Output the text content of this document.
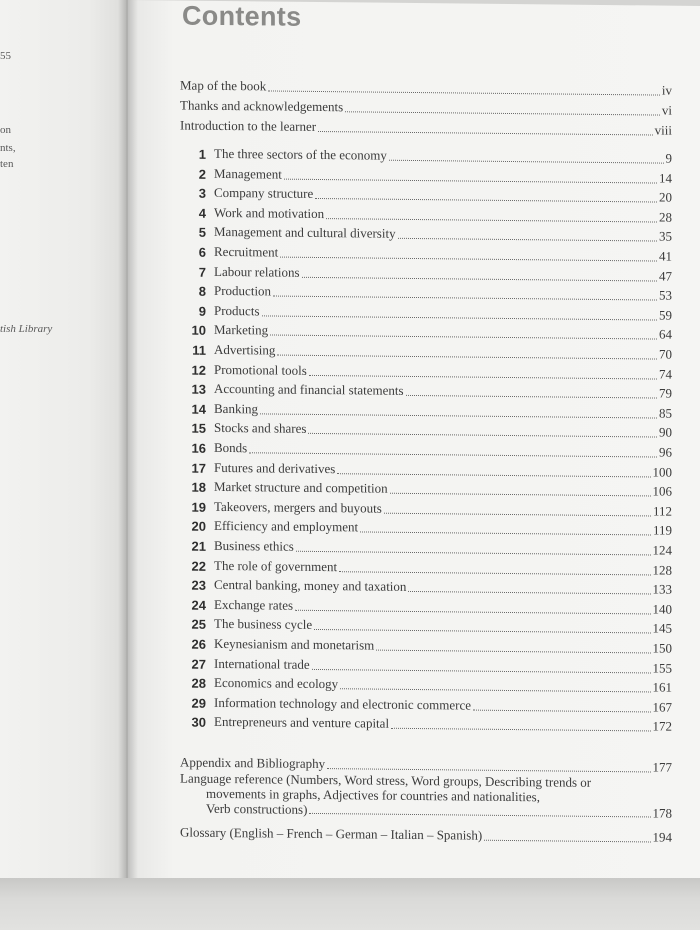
55
on
nts,
ten
tish Library
Contents
Map of the book	iv
Thanks and acknowledgements	vi
Introduction to the learner	viii
1 The three sectors of the economy	9
2 Management	14
3 Company structure	20
4 Work and motivation	28
5 Management and cultural diversity	35
6 Recruitment	41
7 Labour relations	47
8 Production	53
9 Products	59
10 Marketing	64
11 Advertising	70
12 Promotional tools	74
13 Accounting and financial statements	79
14 Banking	85
15 Stocks and shares	90
16 Bonds	96
17 Futures and derivatives	100
18 Market structure and competition	106
19 Takeovers, mergers and buyouts	112
20 Efficiency and employment	119
21 Business ethics	124
22 The role of government	128
23 Central banking, money and taxation	133
24 Exchange rates	140
25 The business cycle	145
26 Keynesianism and monetarism	150
27 International trade	155
28 Economics and ecology	161
29 Information technology and electronic commerce	167
30 Entrepreneurs and venture capital	172
Appendix and Bibliography	177
Language reference (Numbers, Word stress, Word groups, Describing trends or
movements in graphs, Adjectives for countries and nationalities,
Verb constructions)	178
Glossary (English – French – German – Italian – Spanish)	194
